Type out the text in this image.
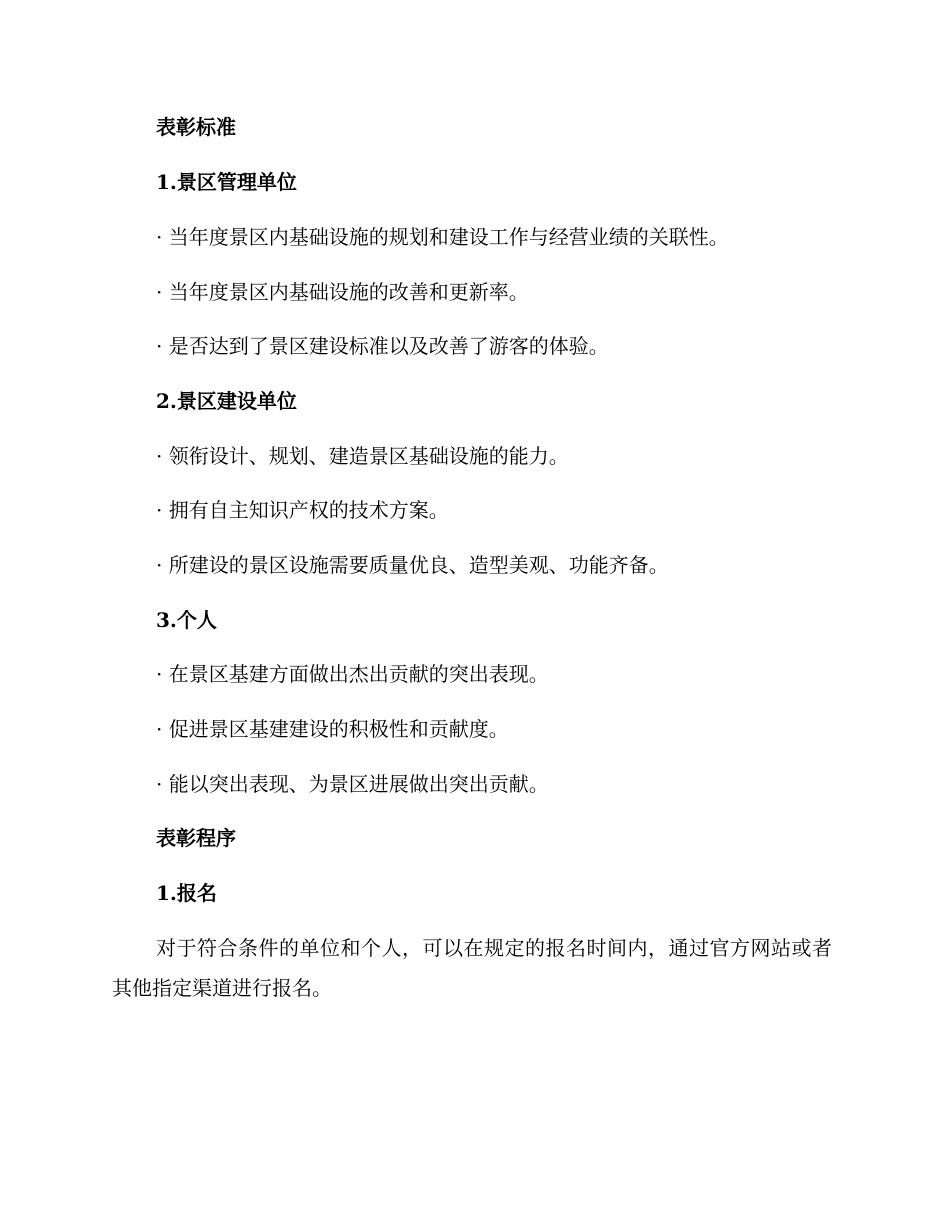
表彰标准

1.景区管理单位

· 当年度景区内基础设施的规划和建设工作与经营业绩的关联性。

· 当年度景区内基础设施的改善和更新率。

· 是否达到了景区建设标准以及改善了游客的体验。

2.景区建设单位

· 领衔设计、规划、建造景区基础设施的能力。

· 拥有自主知识产权的技术方案。

· 所建设的景区设施需要质量优良、造型美观、功能齐备。

3.个人

· 在景区基建方面做出杰出贡献的突出表现。

· 促进景区基建建设的积极性和贡献度。

· 能以突出表现、为景区进展做出突出贡献。

表彰程序

1.报名

对于符合条件的单位和个人，可以在规定的报名时间内，通过官方网站或者其他指定渠道进行报名。
